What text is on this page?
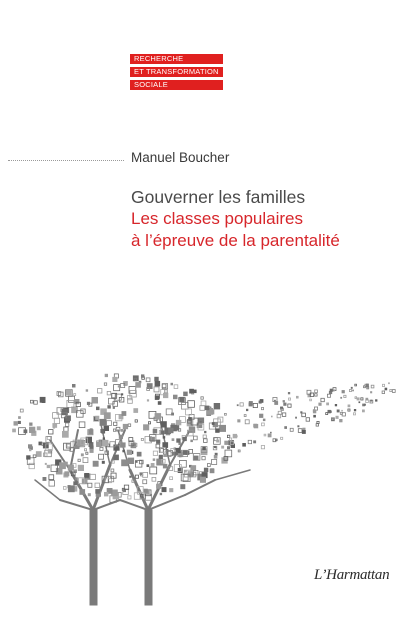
RECHERCHE
ET TRANSFORMATION
SOCIALE
Manuel Boucher
Gouverner les familles
Les classes populaires
à l’épreuve de la parentalité
L’Harmattan
